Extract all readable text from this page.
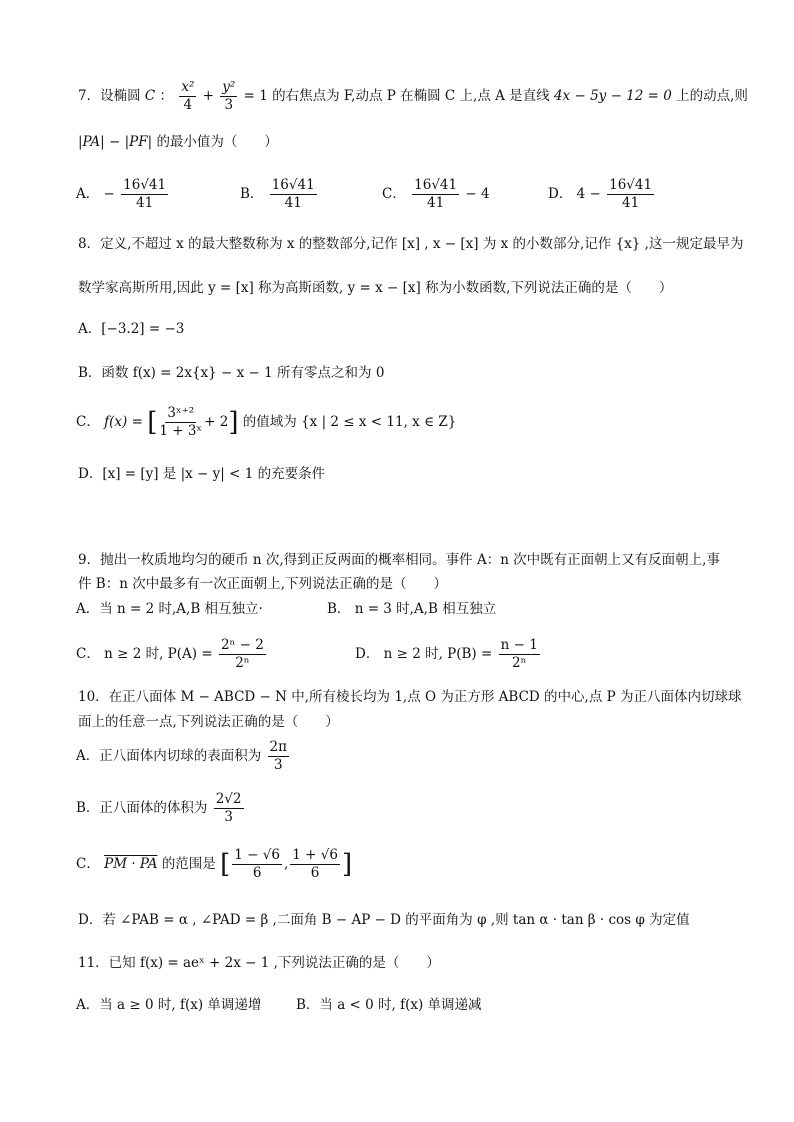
7．设椭圆 C ： $\frac{\text{x²}}{4} + \frac{\text{y²}}{3} = 1$ 的右焦点为 F,动点 P 在椭圆 C 上,点 A 是直线 4x − 5y − 12 = 0 上的动点,则
|PA| − |PF| 的最小值为（　　）
A． − $\frac{16√41}{41}$	B． $\frac{16√41}{41}$	C． $\frac{16√41}{41} - 4$	D． $4 - \frac{16√41}{41}$
8．定义,不超过 x 的最大整数称为 x 的整数部分,记作 [x] , x − [x] 为 x 的小数部分,记作 {x} ,这一规定最早为
数学家高斯所用,因此 y = [x] 称为高斯函数, y = x − [x] 称为小数函数,下列说法正确的是（　　）
A．[−3.2] = −3
B．函数 f(x) = 2x{x} − x − 1 所有零点之和为 0
C． f(x) = [ $\frac{\text{3ˣ⁺²}}{\text{1 + 3ˣ}} + 2$] 的值域为 {x | 2 ≤ x < 11, x ∈ Z}
D．[x] = [y] 是 |x − y| < 1 的充要条件
9．抛出一枚质地均匀的硬币 n 次,得到正反两面的概率相同。事件 A：n 次中既有正面朝上又有反面朝上,事
件 B：n 次中最多有一次正面朝上,下列说法正确的是（　　）
A．当 n = 2 时,A,B 相互独立·	B． n = 3 时,A,B 相互独立
C． n ≥ 2 时, $P(A) = \frac{\text{2ⁿ − 2}}{\text{2ⁿ}}$	D． n ≥ 2 时, $P(B) = \frac{n - 1}{\text{2ⁿ}}$
10．在正八面体 M − ABCD − N 中,所有棱长均为 1,点 O 为正方形 ABCD 的中心,点 P 为正八面体内切球球
面上的任意一点,下列说法正确的是（　　）
A．正八面体内切球的表面积为 $\frac{2\pi}{3}$
B．正八面体的体积为 $\frac{2√2}{3}$
C． PM · PA 的范围是 [ $\frac{1 - √6}{6}$ , $\frac{1 + √6}{6}$ ]
D．若 ∠PAB = α , ∠PAD = β ,二面角 B − AP − D 的平面角为 φ ,则 tan α · tan β · cos φ 为定值
11．已知 f(x) = aeˣ + 2x − 1 ,下列说法正确的是（　　）
A．当 a ≥ 0 时, f(x) 单调递增	B．当 a < 0 时, f(x) 单调递减
